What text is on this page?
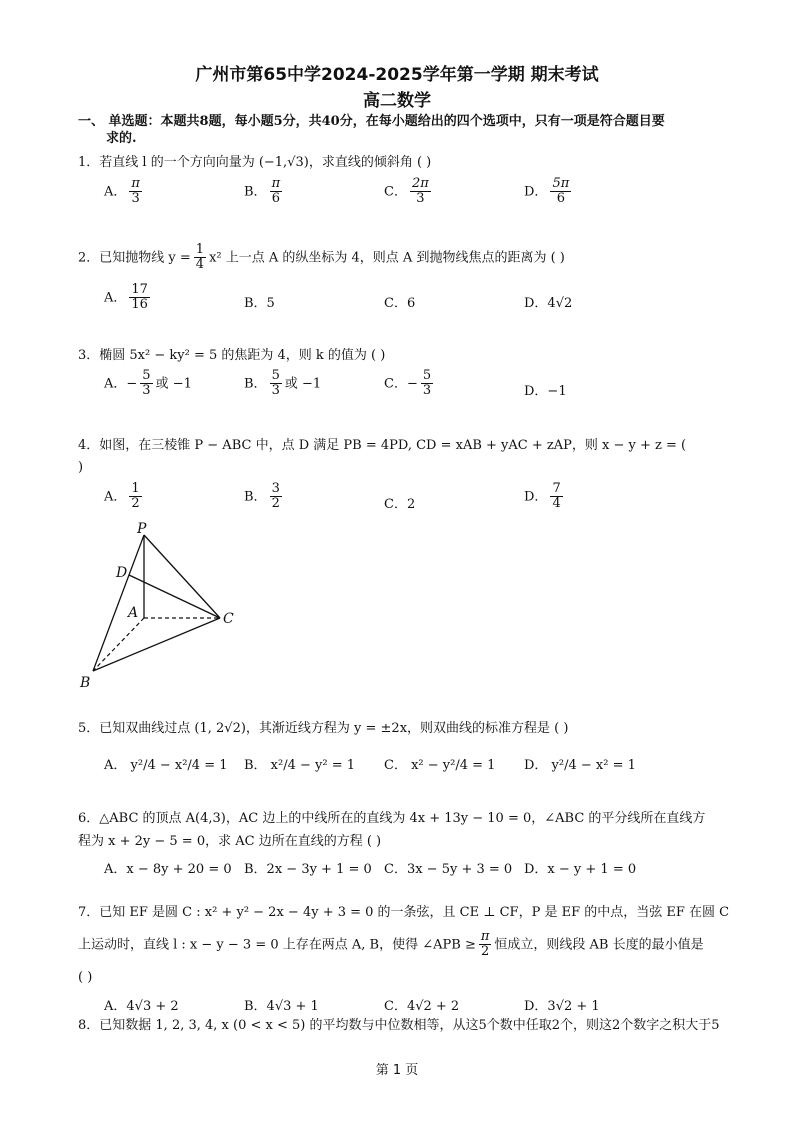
广州市第65中学2024-2025学年第一学期 期末考试
高二数学
一、 单选题：本题共8题，每小题5分，共40分，在每小题给出的四个选项中，只有一项是符合题目要
求的.
1．若直线 l 的一个方向向量为 (−1,√3)，求直线的倾斜角 ( )
A． $\frac{\pi}{3}$	B． $\frac{\pi}{6}$	C． $\frac{2\pi}{3}$	D． $\frac{5\pi}{6}$
2．已知抛物线 $y = \frac{1}{4} x^2$ 上一点 A 的纵坐标为 4，则点 A 到抛物线焦点的距离为 ( )
A． $\frac{17}{16}$	B．5	C．6	D．4√2
3．椭圆 5x² − ky² = 5 的焦距为 4，则 k 的值为 ( )
A．− $\frac{5}{3}$ 或 −1	B． $\frac{5}{3}$ 或 −1	C．− $\frac{5}{3}$	D．−1
4．如图，在三棱锥 P − ABC 中，点 D 满足 PB = 4PD, CD = xAB + yAC + zAP，则 x − y + z = (
)
A． $\frac{1}{2}$	B． $\frac{3}{2}$	C．2
D． $\frac{7}{4}$
P
D
A	C
B
5．已知双曲线过点 (1, 2√2)，其渐近线方程为 y = ±2x，则双曲线的标准方程是 ( )
A． y²/4 − x²/4 = 1 B． x²/4 − y² = 1 C． x² − y²/4 = 1 D． y²/4 − x² = 1
6．△ABC 的顶点 A(4,3)，AC 边上的中线所在的直线为 4x + 13y − 10 = 0，∠ABC 的平分线所在直线方
程为 x + 2y − 5 = 0，求 AC 边所在直线的方程 ( )
A．x − 8y + 20 = 0 B．2x − 3y + 1 = 0 C．3x − 5y + 3 = 0 D．x − y + 1 = 0
7．已知 EF 是圆 C : x² + y² − 2x − 4y + 3 = 0 的一条弦，且 CE ⊥ CF，P 是 EF 的中点，当弦 EF 在圆 C
上运动时，直线 l : x − y − 3 = 0 上存在两点 A, B，使得 ∠APB ≥ $\frac{\pi}{2}$ 恒成立，则线段 AB 长度的最小值是
( )
A．4√3 + 2	B．4√3 + 1	C．4√2 + 2	D．3√2 + 1
8．已知数据 1, 2, 3, 4, x (0 < x < 5) 的平均数与中位数相等，从这5个数中任取2个，则这2个数字之积大于5
第 1 页
